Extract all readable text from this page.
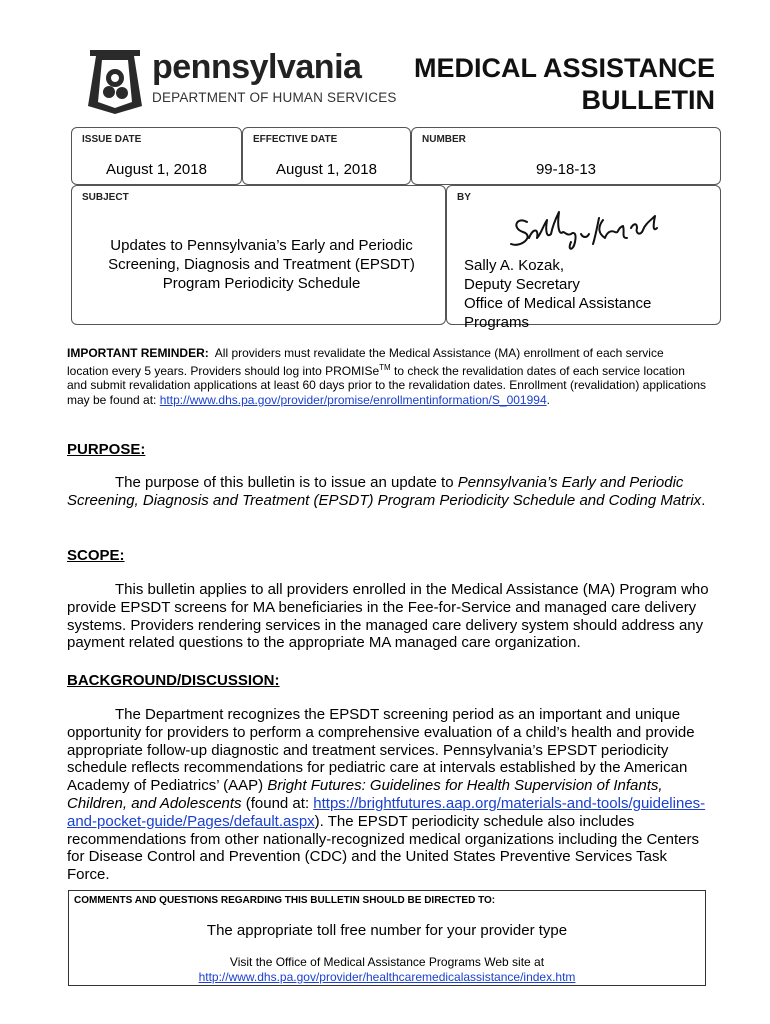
pennsylvania
DEPARTMENT OF HUMAN SERVICES
MEDICAL ASSISTANCE
BULLETIN
ISSUE DATE
August 1, 2018
EFFECTIVE DATE
August 1, 2018
NUMBER
99-18-13
SUBJECT
Updates to Pennsylvania’s Early and Periodic
Screening, Diagnosis and Treatment (EPSDT)
Program Periodicity Schedule
BY
Sally A. Kozak,
Deputy Secretary
Office of Medical Assistance Programs
IMPORTANT REMINDER: All providers must revalidate the Medical Assistance (MA) enrollment of each service location every 5 years. Providers should log into PROMISe™ to check the revalidation dates of each service location and submit revalidation applications at least 60 days prior to the revalidation dates. Enrollment (revalidation) applications may be found at: http://www.dhs.pa.gov/provider/promise/enrollmentinformation/S_001994.
PURPOSE:
The purpose of this bulletin is to issue an update to Pennsylvania’s Early and Periodic Screening, Diagnosis and Treatment (EPSDT) Program Periodicity Schedule and Coding Matrix.
SCOPE:
This bulletin applies to all providers enrolled in the Medical Assistance (MA) Program who provide EPSDT screens for MA beneficiaries in the Fee-for-Service and managed care delivery systems. Providers rendering services in the managed care delivery system should address any payment related questions to the appropriate MA managed care organization.
BACKGROUND/DISCUSSION:
The Department recognizes the EPSDT screening period as an important and unique opportunity for providers to perform a comprehensive evaluation of a child’s health and provide appropriate follow-up diagnostic and treatment services. Pennsylvania’s EPSDT periodicity schedule reflects recommendations for pediatric care at intervals established by the American Academy of Pediatrics’ (AAP) Bright Futures: Guidelines for Health Supervision of Infants, Children, and Adolescents (found at: https://brightfutures.aap.org/materials-and-tools/guidelines-and-pocket-guide/Pages/default.aspx). The EPSDT periodicity schedule also includes recommendations from other nationally-recognized medical organizations including the Centers for Disease Control and Prevention (CDC) and the United States Preventive Services Task Force.
COMMENTS AND QUESTIONS REGARDING THIS BULLETIN SHOULD BE DIRECTED TO:
The appropriate toll free number for your provider type
Visit the Office of Medical Assistance Programs Web site at
http://www.dhs.pa.gov/provider/healthcaremedicalassistance/index.htm
